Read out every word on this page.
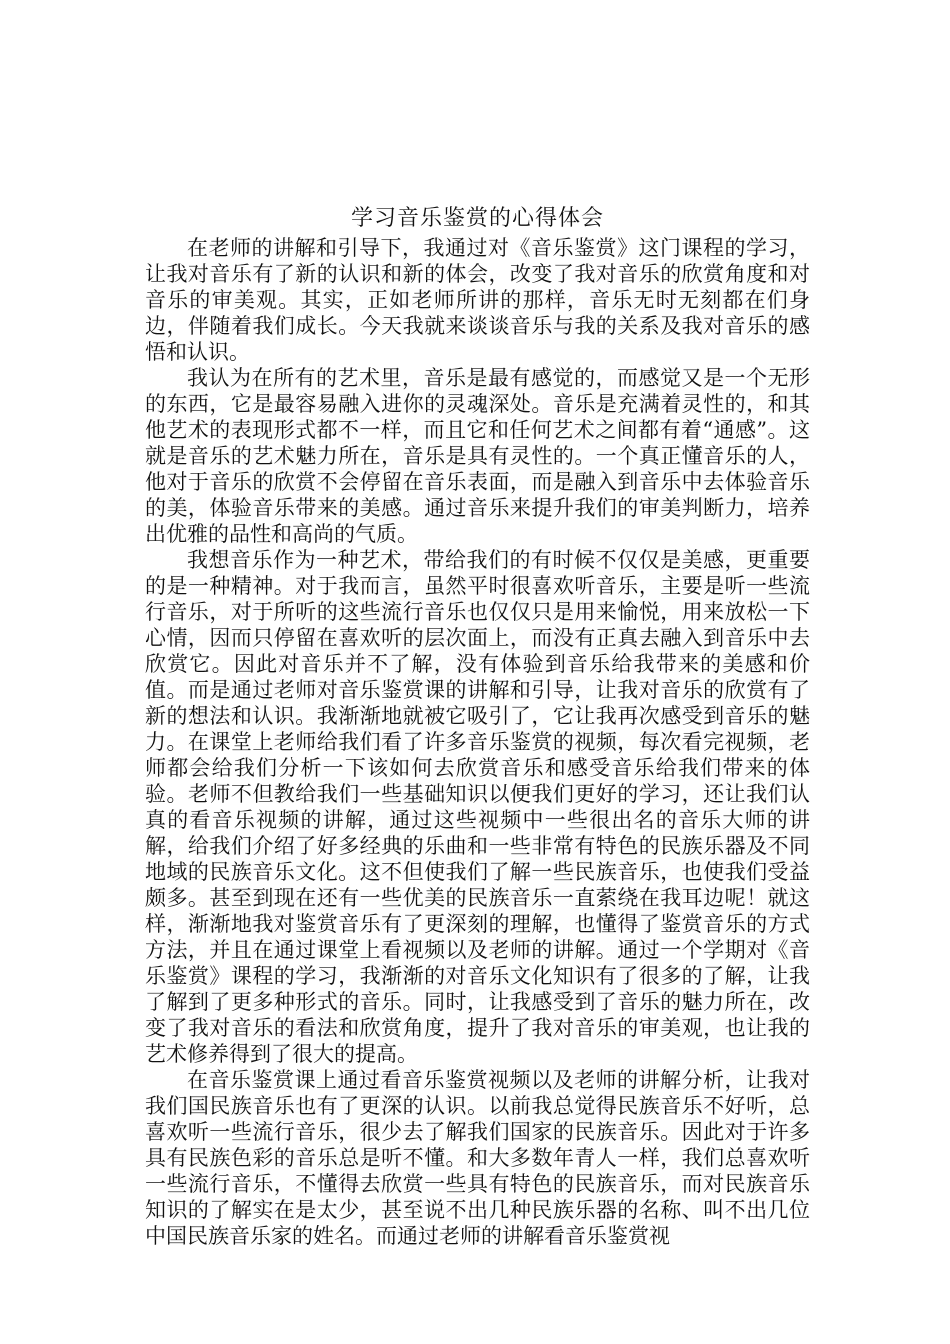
学习音乐鉴赏的心得体会

在老师的讲解和引导下，我通过对《音乐鉴赏》这门课程的学习，让我对音乐有了新的认识和新的体会，改变了我对音乐的欣赏角度和对音乐的审美观。其实，正如老师所讲的那样，音乐无时无刻都在们身边，伴随着我们成长。今天我就来谈谈音乐与我的关系及我对音乐的感悟和认识。

我认为在所有的艺术里，音乐是最有感觉的，而感觉又是一个无形的东西，它是最容易融入进你的灵魂深处。音乐是充满着灵性的，和其他艺术的表现形式都不一样，而且它和任何艺术之间都有着“通感”。这就是音乐的艺术魅力所在，音乐是具有灵性的。一个真正懂音乐的人，他对于音乐的欣赏不会停留在音乐表面，而是融入到音乐中去体验音乐的美，体验音乐带来的美感。通过音乐来提升我们的审美判断力，培养出优雅的品性和高尚的气质。

我想音乐作为一种艺术，带给我们的有时候不仅仅是美感，更重要的是一种精神。对于我而言，虽然平时很喜欢听音乐，主要是听一些流行音乐，对于所听的这些流行音乐也仅仅只是用来愉悦，用来放松一下心情，因而只停留在喜欢听的层次面上，而没有正真去融入到音乐中去欣赏它。因此对音乐并不了解，没有体验到音乐给我带来的美感和价值。而是通过老师对音乐鉴赏课的讲解和引导，让我对音乐的欣赏有了新的想法和认识。我渐渐地就被它吸引了，它让我再次感受到音乐的魅力。在课堂上老师给我们看了许多音乐鉴赏的视频，每次看完视频，老师都会给我们分析一下该如何去欣赏音乐和感受音乐给我们带来的体验。老师不但教给我们一些基础知识以便我们更好的学习，还让我们认真的看音乐视频的讲解，通过这些视频中一些很出名的音乐大师的讲解，给我们介绍了好多经典的乐曲和一些非常有特色的民族乐器及不同地域的民族音乐文化。这不但使我们了解一些民族音乐，也使我们受益颇多。甚至到现在还有一些优美的民族音乐一直萦绕在我耳边呢！就这样，渐渐地我对鉴赏音乐有了更深刻的理解，也懂得了鉴赏音乐的方式方法，并且在通过课堂上看视频以及老师的讲解。通过一个学期对《音乐鉴赏》课程的学习，我渐渐的对音乐文化知识有了很多的了解，让我了解到了更多种形式的音乐。同时，让我感受到了音乐的魅力所在，改变了我对音乐的看法和欣赏角度，提升了我对音乐的审美观，也让我的艺术修养得到了很大的提高。

在音乐鉴赏课上通过看音乐鉴赏视频以及老师的讲解分析，让我对我们国民族音乐也有了更深的认识。以前我总觉得民族音乐不好听，总喜欢听一些流行音乐，很少去了解我们国家的民族音乐。因此对于许多具有民族色彩的音乐总是听不懂。和大多数年青人一样，我们总喜欢听一些流行音乐，不懂得去欣赏一些具有特色的民族音乐，而对民族音乐知识的了解实在是太少，甚至说不出几种民族乐器的名称、叫不出几位中国民族音乐家的姓名。而通过老师的讲解看音乐鉴赏视
